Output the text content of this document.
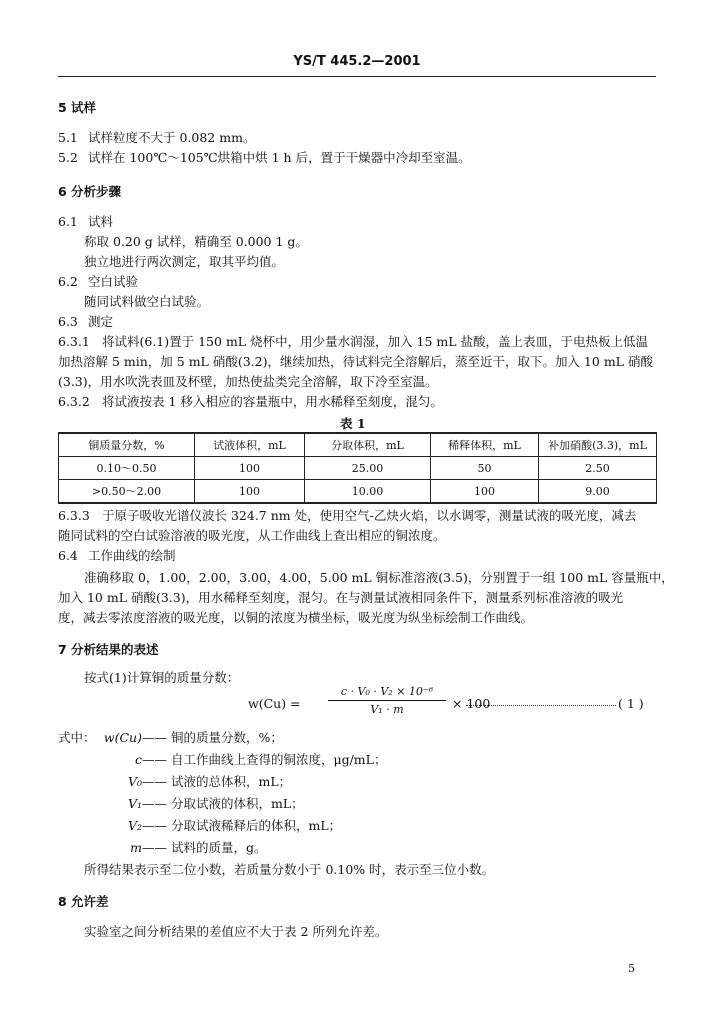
YS/T 445.2—2001
5 试样
5.1 试样粒度不大于 0.082 mm。
5.2 试样在 100℃～105℃烘箱中烘 1 h 后，置于干燥器中冷却至室温。
6 分析步骤
6.1 试料
称取 0.20 g 试样，精确至 0.000 1 g。
独立地进行两次测定，取其平均值。
6.2 空白试验
随同试料做空白试验。
6.3 测定
6.3.1 将试料(6.1)置于 150 mL 烧杯中，用少量水润湿，加入 15 mL 盐酸，盖上表皿，于电热板上低温
加热溶解 5 min，加 5 mL 硝酸(3.2)，继续加热，待试料完全溶解后，蒸至近干，取下。加入 10 mL 硝酸
(3.3)，用水吹洗表皿及杯壁，加热使盐类完全溶解，取下冷至室温。
6.3.2 将试液按表 1 移入相应的容量瓶中，用水稀释至刻度，混匀。
表 1
铜质量分数，%	试液体积，mL	分取体积，mL	稀释体积，mL	补加硝酸(3.3)，mL
0.10～0.50	100	25.00	50	2.50
>0.50～2.00	100	10.00	100	9.00
6.3.3 于原子吸收光谱仪波长 324.7 nm 处，使用空气-乙炔火焰，以水调零，测量试液的吸光度，减去
随同试料的空白试验溶液的吸光度，从工作曲线上查出相应的铜浓度。
6.4 工作曲线的绘制
准确移取 0，1.00，2.00，3.00，4.00，5.00 mL 铜标准溶液(3.5)，分别置于一组 100 mL 容量瓶中，
加入 10 mL 硝酸(3.3)，用水稀释至刻度，混匀。在与测量试液相同条件下，测量系列标准溶液的吸光
度，减去零浓度溶液的吸光度，以铜的浓度为横坐标，吸光度为纵坐标绘制工作曲线。
7 分析结果的表述
按式(1)计算铜的质量分数：
w(Cu) =
c · V₀ · V₂ × 10⁻⁶
V₁ · m	× 100	( 1 )
式中： w(Cu)—— 铜的质量分数，%；
c—— 自工作曲线上查得的铜浓度，μg/mL；
V₀—— 试液的总体积，mL；
V₁—— 分取试液的体积，mL；
V₂—— 分取试液稀释后的体积，mL；
m—— 试料的质量，g。
所得结果表示至二位小数，若质量分数小于 0.10% 时，表示至三位小数。
8 允许差
实验室之间分析结果的差值应不大于表 2 所列允许差。
5
